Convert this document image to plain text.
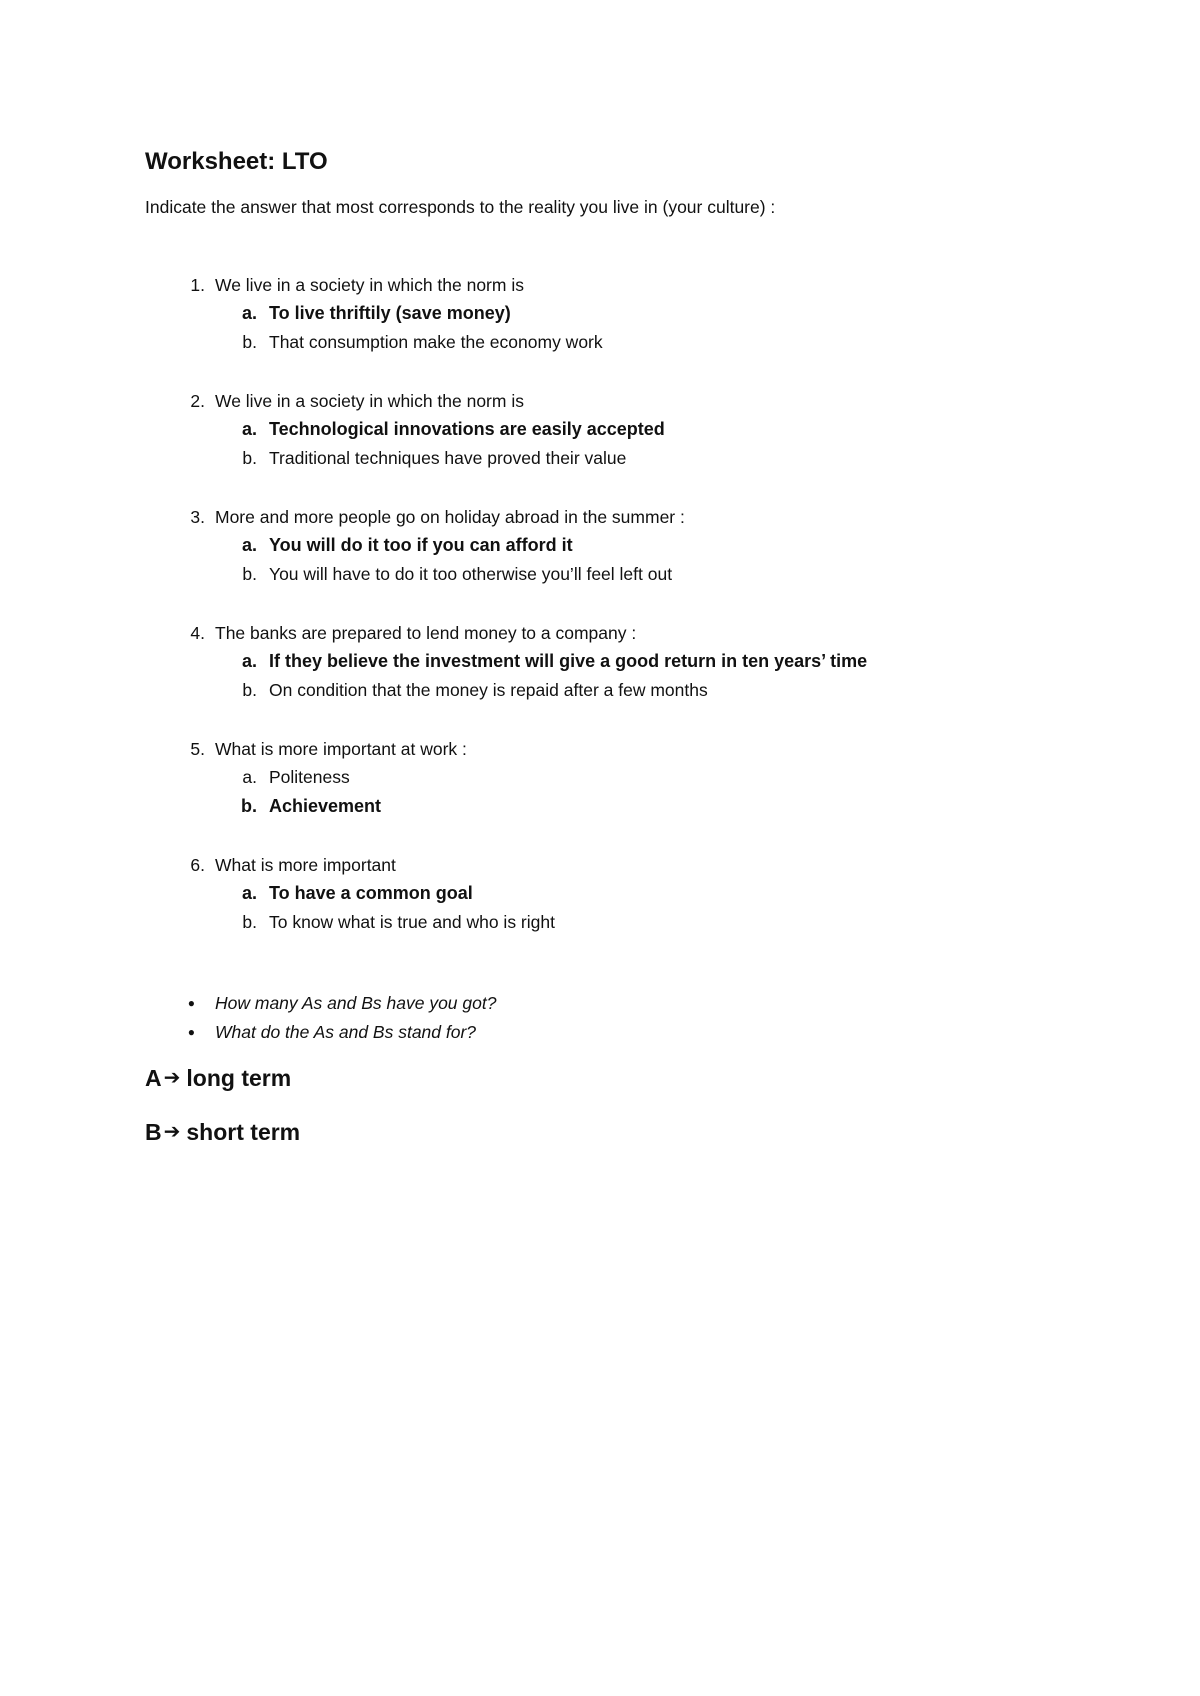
Worksheet: LTO

Indicate the answer that most corresponds to the reality you live in (your culture) :

1. We live in a society in which the norm is
a. To live thriftily (save money)
b. That consumption make the economy work
2. We live in a society in which the norm is
a. Technological innovations are easily accepted
b. Traditional techniques have proved their value
3. More and more people go on holiday abroad in the summer :
a. You will do it too if you can afford it
b. You will have to do it too otherwise you’ll feel left out
4. The banks are prepared to lend money to a company :
a. If they believe the investment will give a good return in ten years’ time
b. On condition that the money is repaid after a few months
5. What is more important at work :
a. Politeness
b. Achievement
6. What is more important
a. To have a common goal
b. To know what is true and who is right
●	How many As and Bs have you got?
●	What do the As and Bs stand for?
A ➔ long term
B ➔ short term
